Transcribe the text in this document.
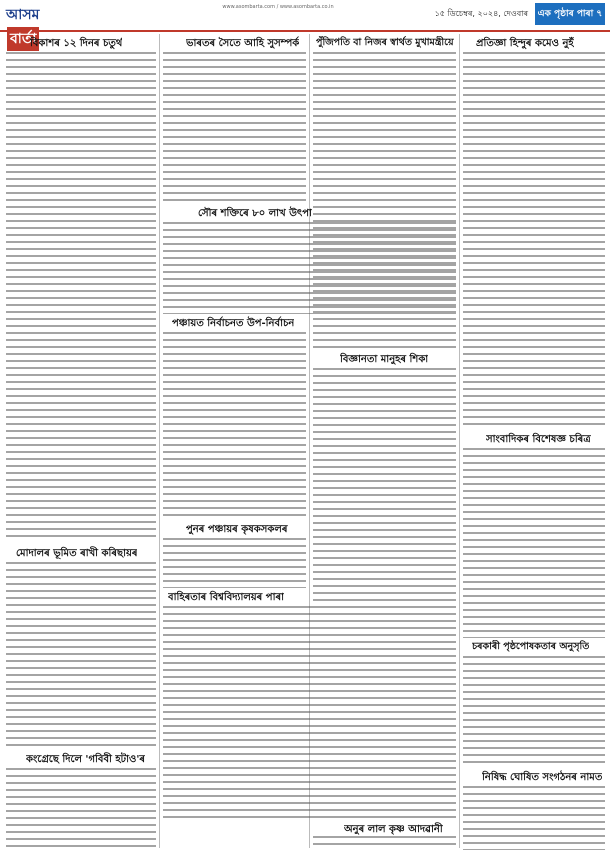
আসমবাৰ্তা
www.asombarta.com / www.asombarta.co.in
১৫ ডিচেম্বৰ, ২০২৪, দেওবাৰ	এক পৃষ্ঠাৰ পাৰা ৭
বিকাশৰ ১২ দিনৰ চতুৰ্থ
মোদালৰ ভূমিত ৰাখী কৰিছায়ৰ
কংগ্ৰেছে দিলে 'গবিবী হটাও'ৰ
ভাৰতৰ সৈতে আহি সুসম্পৰ্ক
সৌৰ শক্তিৰে ৮০ লাখ উৎপা
পঞ্চায়ত নিৰ্বাচনত উপ-নিৰ্বাচন
পুনৰ পঞ্চায়ৰ কৃষকসকলৰ
বাহিৰতাৰ বিশ্ববিদ্যালয়ৰ পাৰা
পুঁজিপতি বা নিজৰ স্বাৰ্থত মুখামন্ত্ৰীয়ে
বিজ্ঞানতা মানুহৰ শিকা
অনুৰ লাল কৃষ্ণ আদৱানী
প্ৰতিজ্ঞা হিন্দুৰ কমেও নুহঁ
সাংবাদিকৰ বিশেষজ্ঞ চৰিত্ৰ
চৰকাৰী পৃষ্ঠপোষকতাৰ অনুসৃতি
নিষিদ্ধ ঘোষিত সংগঠনৰ নামত
